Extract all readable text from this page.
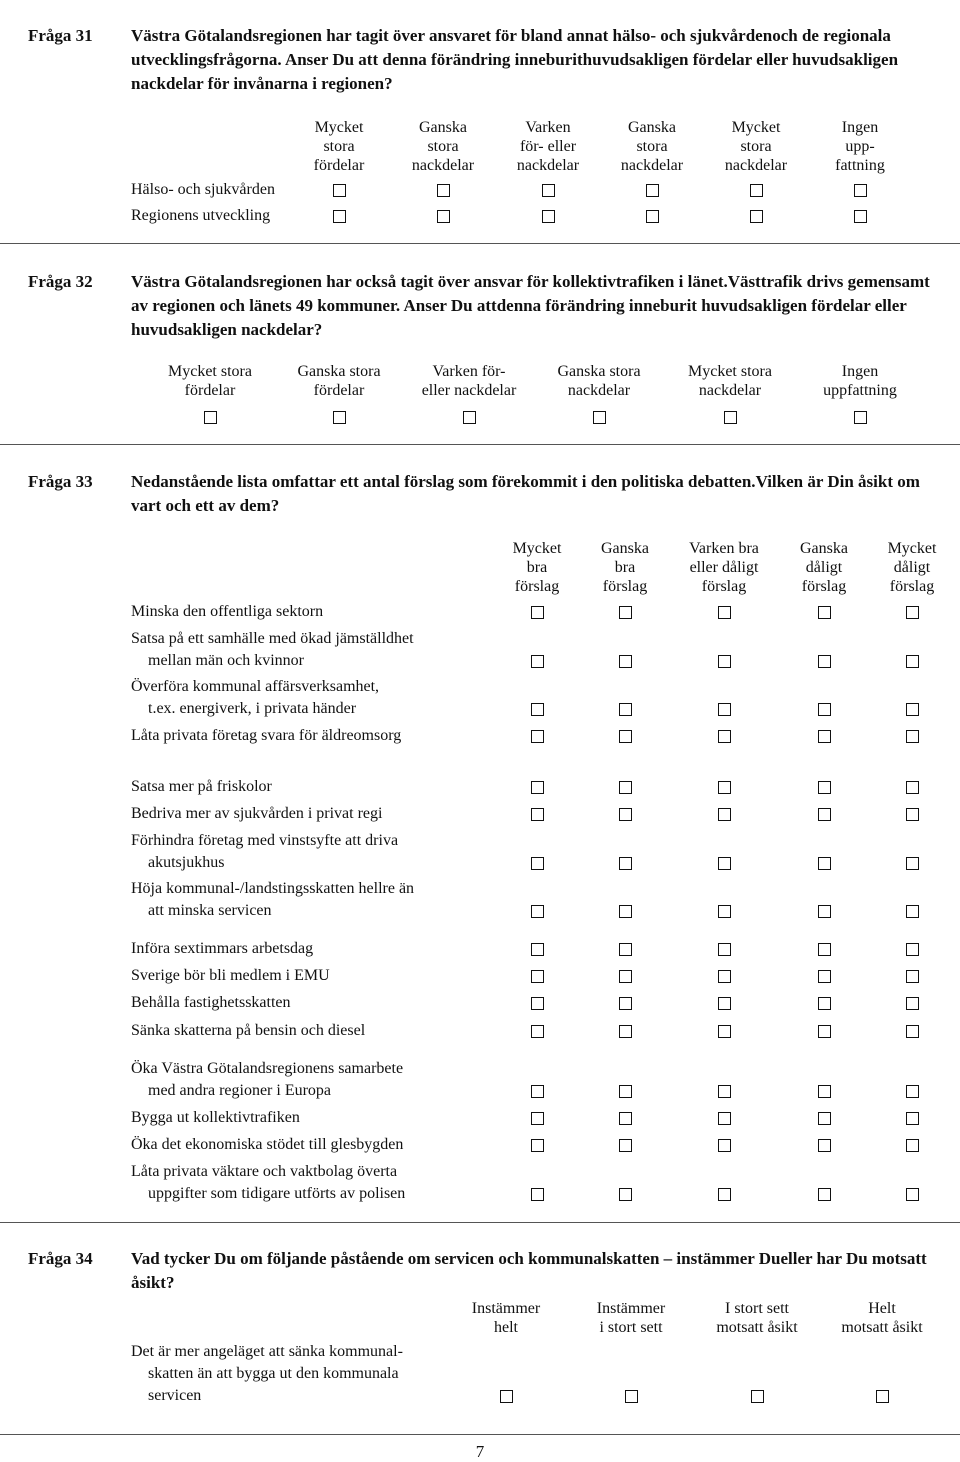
Fråga 31 Västra Götalandsregionen har tagit över ansvaret för bland annat hälso- och sjukvårdenoch de regionala utvecklingsfrågorna. Anser Du att denna förändring inneburithuvudsakligen fördelar eller huvudsakligen nackdelar för invånarna i regionen?
Mycket
stora
fördelar
Ganska
stora
nackdelar
Varken
för- eller
nackdelar
Ganska
stora
nackdelar
Mycket
stora
nackdelar
Ingen
upp-
fattning
Hälso- och sjukvården
Regionens utveckling
Fråga 32 Västra Götalandsregionen har också tagit över ansvar för kollektivtrafiken i länet.Västtrafik drivs gemensamt av regionen och länets 49 kommuner. Anser Du attdenna förändring inneburit huvudsakligen fördelar eller huvudsakligen nackdelar?
Mycket stora
fördelar
Ganska stora
fördelar
Varken för-
eller nackdelar
Ganska stora
nackdelar
Mycket stora
nackdelar
Ingen
uppfattning
Fråga 33 Nedanstående lista omfattar ett antal förslag som förekommit i den politiska debatten.Vilken är Din åsikt om vart och ett av dem?
Mycket
bra
förslag
Ganska
bra
förslag
Varken bra
eller dåligt
förslag
Ganska
dåligt
förslag
Mycket
dåligt
förslag
Minska den offentliga sektorn
Satsa på ett samhälle med ökad jämställdhet
mellan män och kvinnor
Överföra kommunal affärsverksamhet,
t.ex. energiverk, i privata händer
Låta privata företag svara för äldreomsorg
Satsa mer på friskolor
Bedriva mer av sjukvården i privat regi
Förhindra företag med vinstsyfte att driva
akutsjukhus
Höja kommunal-/landstingsskatten hellre än
att minska servicen
Införa sextimmars arbetsdag
Sverige bör bli medlem i EMU
Behålla fastighetsskatten
Sänka skatterna på bensin och diesel
Öka Västra Götalandsregionens samarbete
med andra regioner i Europa
Bygga ut kollektivtrafiken
Öka det ekonomiska stödet till glesbygden
Låta privata väktare och vaktbolag överta
uppgifter som tidigare utförts av polisen
Fråga 34 Vad tycker Du om följande påstående om servicen och kommunalskatten – instämmer Dueller har Du motsatt åsikt?
Instämmer
helt
Instämmer
i stort sett
I stort sett
motsatt åsikt
Helt
motsatt åsikt
Det är mer angeläget att sänka kommunal-
skatten än att bygga ut den kommunala
servicen
7
